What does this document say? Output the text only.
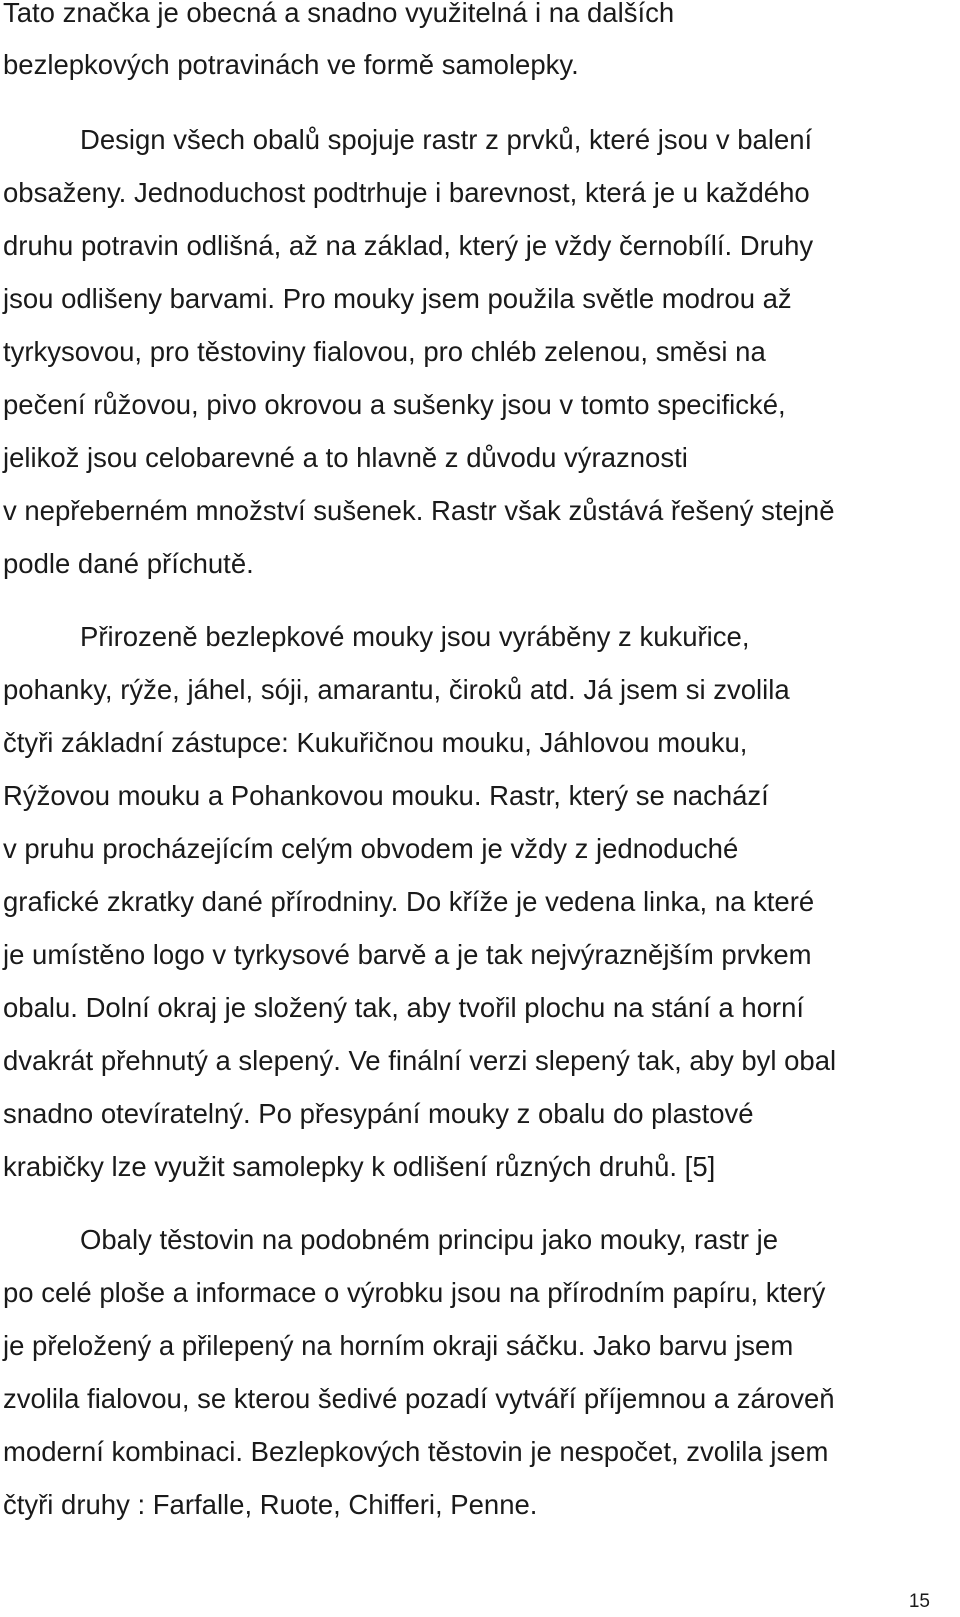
Tato značka je obecná a snadno využitelná i na dalších
bezlepkových potravinách ve formě samolepky.
Design všech obalů spojuje rastr z prvků, které jsou v balení
obsaženy. Jednoduchost podtrhuje i barevnost, která je u každého
druhu potravin odlišná, až na základ, který je vždy černobílí. Druhy
jsou odlišeny barvami. Pro mouky jsem použila světle modrou až
tyrkysovou, pro těstoviny fialovou, pro chléb zelenou, směsi na
pečení růžovou, pivo okrovou a sušenky jsou v tomto specifické,
jelikož jsou celobarevné a to hlavně z důvodu výraznosti
v nepřeberném množství sušenek. Rastr však zůstává řešený stejně
podle dané příchutě.
Přirozeně bezlepkové mouky jsou vyráběny z kukuřice,
pohanky, rýže, jáhel, sóji, amarantu, čiroků atd. Já jsem si zvolila
čtyři základní zástupce: Kukuřičnou mouku, Jáhlovou mouku,
Rýžovou mouku a Pohankovou mouku. Rastr, který se nachází
v pruhu procházejícím celým obvodem je vždy z jednoduché
grafické zkratky dané přírodniny. Do kříže je vedena linka, na které
je umístěno logo v tyrkysové barvě a je tak nejvýraznějším prvkem
obalu. Dolní okraj je složený tak, aby tvořil plochu na stání a horní
dvakrát přehnutý a slepený. Ve finální verzi slepený tak, aby byl obal
snadno otevíratelný. Po přesypání mouky z obalu do plastové
krabičky lze využit samolepky k odlišení různých druhů. [5]
Obaly těstovin na podobném principu jako mouky, rastr je
po celé ploše a informace o výrobku jsou na přírodním papíru, který
je přeložený a přilepený na horním okraji sáčku. Jako barvu jsem
zvolila fialovou, se kterou šedivé pozadí vytváří příjemnou a zároveň
moderní kombinaci. Bezlepkových těstovin je nespočet, zvolila jsem
čtyři druhy : Farfalle, Ruote, Chifferi, Penne.
15
